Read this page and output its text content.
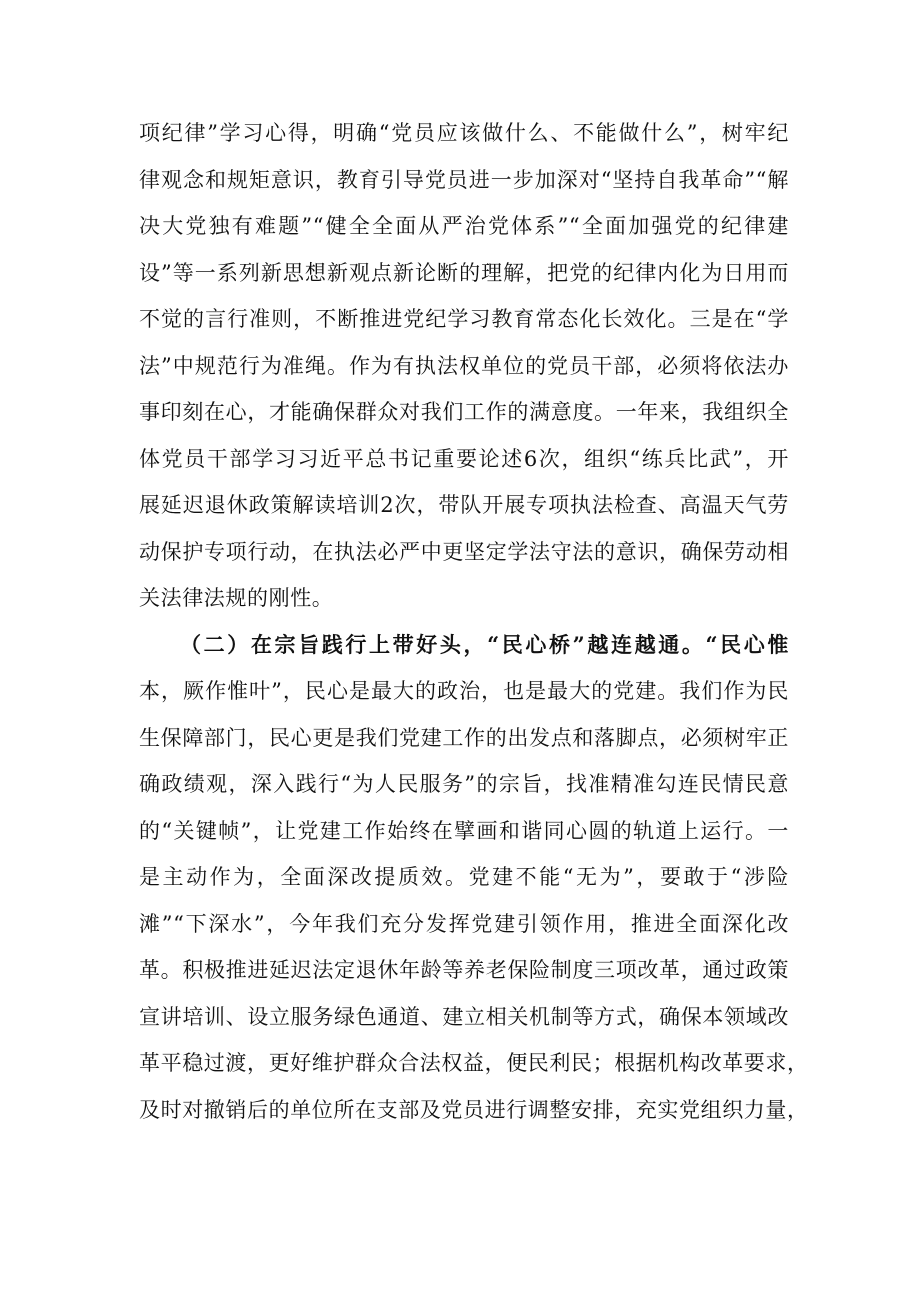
项纪律”学习心得，明确“党员应该做什么、不能做什么”，树牢纪
律观念和规矩意识，教育引导党员进一步加深对“坚持自我革命”“解
决大党独有难题”“健全全面从严治党体系”“全面加强党的纪律建
设”等一系列新思想新观点新论断的理解，把党的纪律内化为日用而
不觉的言行准则，不断推进党纪学习教育常态化长效化。三是在“学
法”中规范行为准绳。作为有执法权单位的党员干部，必须将依法办
事印刻在心，才能确保群众对我们工作的满意度。一年来，我组织全
体党员干部学习习近平总书记重要论述6次，组织“练兵比武”，开
展延迟退休政策解读培训2次，带队开展专项执法检查、高温天气劳
动保护专项行动，在执法必严中更坚定学法守法的意识，确保劳动相
关法律法规的刚性。
（二）在宗旨践行上带好头，“民心桥”越连越通。“民心惟
本，厥作惟叶”，民心是最大的政治，也是最大的党建。我们作为民
生保障部门，民心更是我们党建工作的出发点和落脚点，必须树牢正
确政绩观，深入践行“为人民服务”的宗旨，找准精准勾连民情民意
的“关键帧”，让党建工作始终在擘画和谐同心圆的轨道上运行。一
是主动作为，全面深改提质效。党建不能“无为”，要敢于“涉险
滩”“下深水”，今年我们充分发挥党建引领作用，推进全面深化改
革。积极推进延迟法定退休年龄等养老保险制度三项改革，通过政策
宣讲培训、设立服务绿色通道、建立相关机制等方式，确保本领域改
革平稳过渡，更好维护群众合法权益，便民利民；根据机构改革要求，
及时对撤销后的单位所在支部及党员进行调整安排，充实党组织力量，
